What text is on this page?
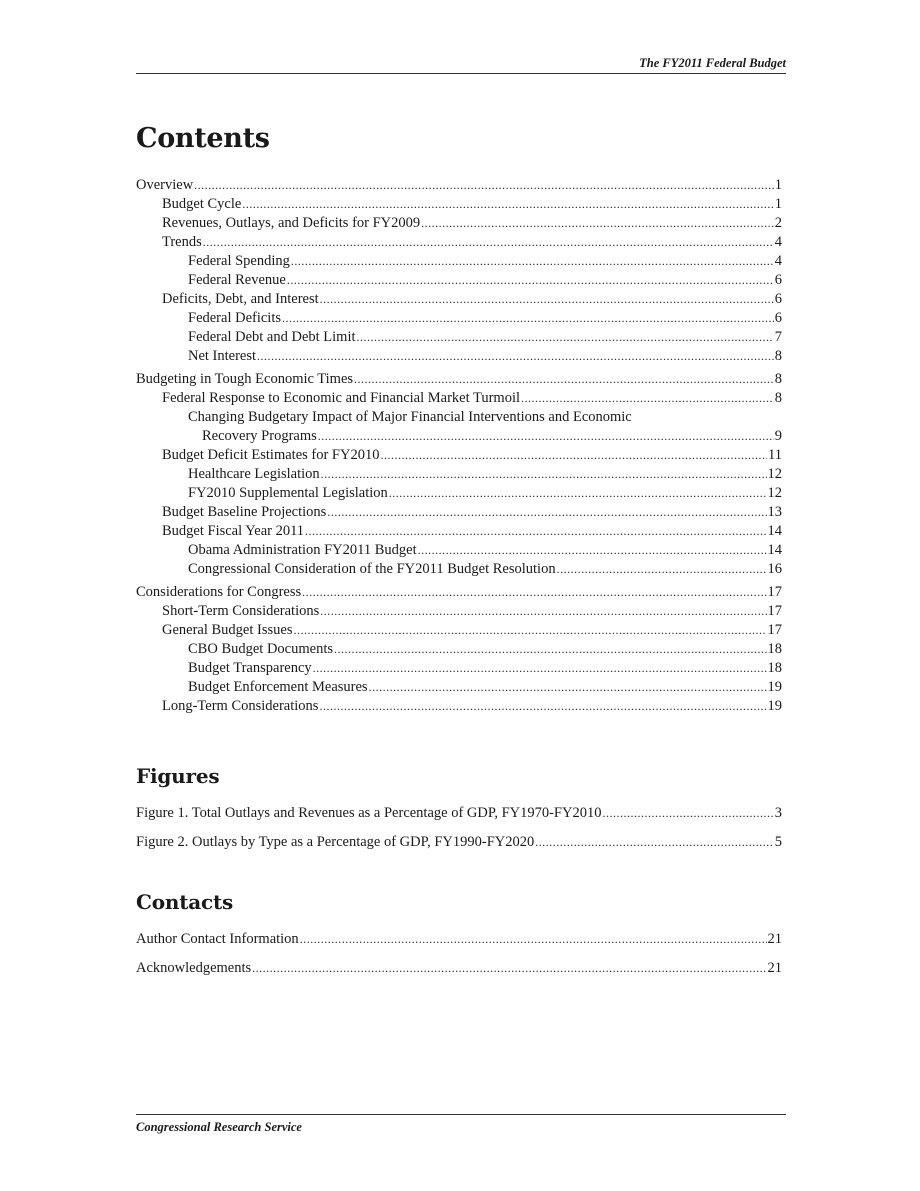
The FY2011 Federal Budget
Contents
Overview .....	1
Budget Cycle .....	1
Revenues, Outlays, and Deficits for FY2009 .....	2
Trends .....	4
Federal Spending .....	4
Federal Revenue .....	6
Deficits, Debt, and Interest .....	6
Federal Deficits .....	6
Federal Debt and Debt Limit .....	7
Net Interest .....	8
Budgeting in Tough Economic Times .....	8
Federal Response to Economic and Financial Market Turmoil .....	8
Changing Budgetary Impact of Major Financial Interventions and Economic
Recovery Programs .....	9
Budget Deficit Estimates for FY2010 .....	11
Healthcare Legislation .....	12
FY2010 Supplemental Legislation .....	12
Budget Baseline Projections .....	13
Budget Fiscal Year 2011 .....	14
Obama Administration FY2011 Budget .....	14
Congressional Consideration of the FY2011 Budget Resolution .....	16
Considerations for Congress .....	17
Short-Term Considerations .....	17
General Budget Issues .....	17
CBO Budget Documents .....	18
Budget Transparency .....	18
Budget Enforcement Measures .....	19
Long-Term Considerations .....	19
Figures
Figure 1. Total Outlays and Revenues as a Percentage of GDP, FY1970-FY2010 .....	3
Figure 2. Outlays by Type as a Percentage of GDP, FY1990-FY2020 .....	5
Contacts
Author Contact Information .....	21
Acknowledgements .....	21
Congressional Research Service
